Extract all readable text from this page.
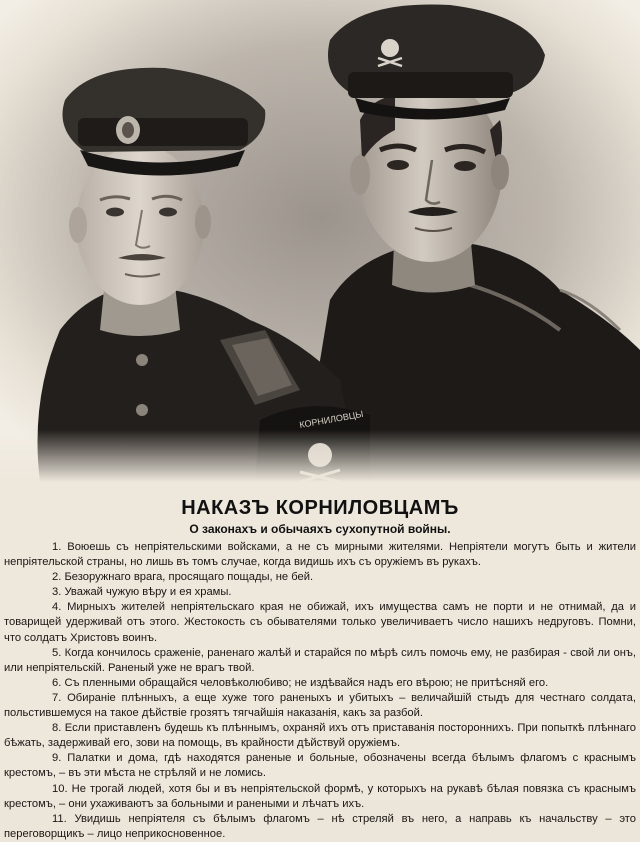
КОРНИЛОВЦЫ
НАКАЗЪ КОРНИЛОВЦАМЪ
О законахъ и обычаяхъ сухопутной войны.

1. Воюешь съ непріятельскими войсками, а не съ мирными жителями. Непріятели могутъ быть и жители непріятельской страны, но лишь въ томъ случае, когда видишь ихъ съ оружіемъ въ рукахъ.

2. Безоружнаго врага, просящаго пощады, не бей.

3. Уважай чужую вѣру и ея храмы.

4. Мирныхъ жителей непріятельскаго края не обижай, ихъ имущества самъ не порти и не отнимай, да и товарищей удерживай отъ этого. Жестокость съ обывателями только увеличиваетъ число нашихъ недруговъ. Помни, что солдатъ Христовъ воинъ.

5. Когда кончилось сраженіе, раненаго жалѣй и старайся по мѣрѣ силъ помочь ему, не разбирая - свой ли онъ, или непріятельскій. Раненый уже не врагъ твой.

6. Съ пленными обращайся человѣколюбиво; не издѣвайся надъ его вѣрою; не притѣсняй его.

7. Обираніе плѣнныхъ, а еще хуже того раненыхъ и убитыхъ – величайшій стыдъ для честнаго солдата, польстившемуся на такое дѣйствіе грозятъ тягчайшія наказанія, какъ за разбой.

8. Если приставленъ будешь къ плѣннымъ, охраняй ихъ отъ приставанія постороннихъ. При попыткѣ плѣннаго бѣжать, задерживай его, зови на помощь, въ крайности дѣйствуй оружіемъ.

9. Палатки и дома, гдѣ находятся раненые и больные, обозначены всегда бѣлымъ флагомъ с краснымъ крестомъ, – въ эти мѣста не стрѣляй и не ломись.

10. Не трогай людей, хотя бы и въ непріятельской формѣ, у которыхъ на рукавѣ бѣлая повязка съ краснымъ крестомъ, – они ухаживаютъ за больными и ранеными и лѣчатъ ихъ.

11. Увидишь непріятеля съ бѣлымъ флагомъ – нѣ стреляй въ него, а направь къ начальству – это переговорщикъ – лицо неприкосновенное.
